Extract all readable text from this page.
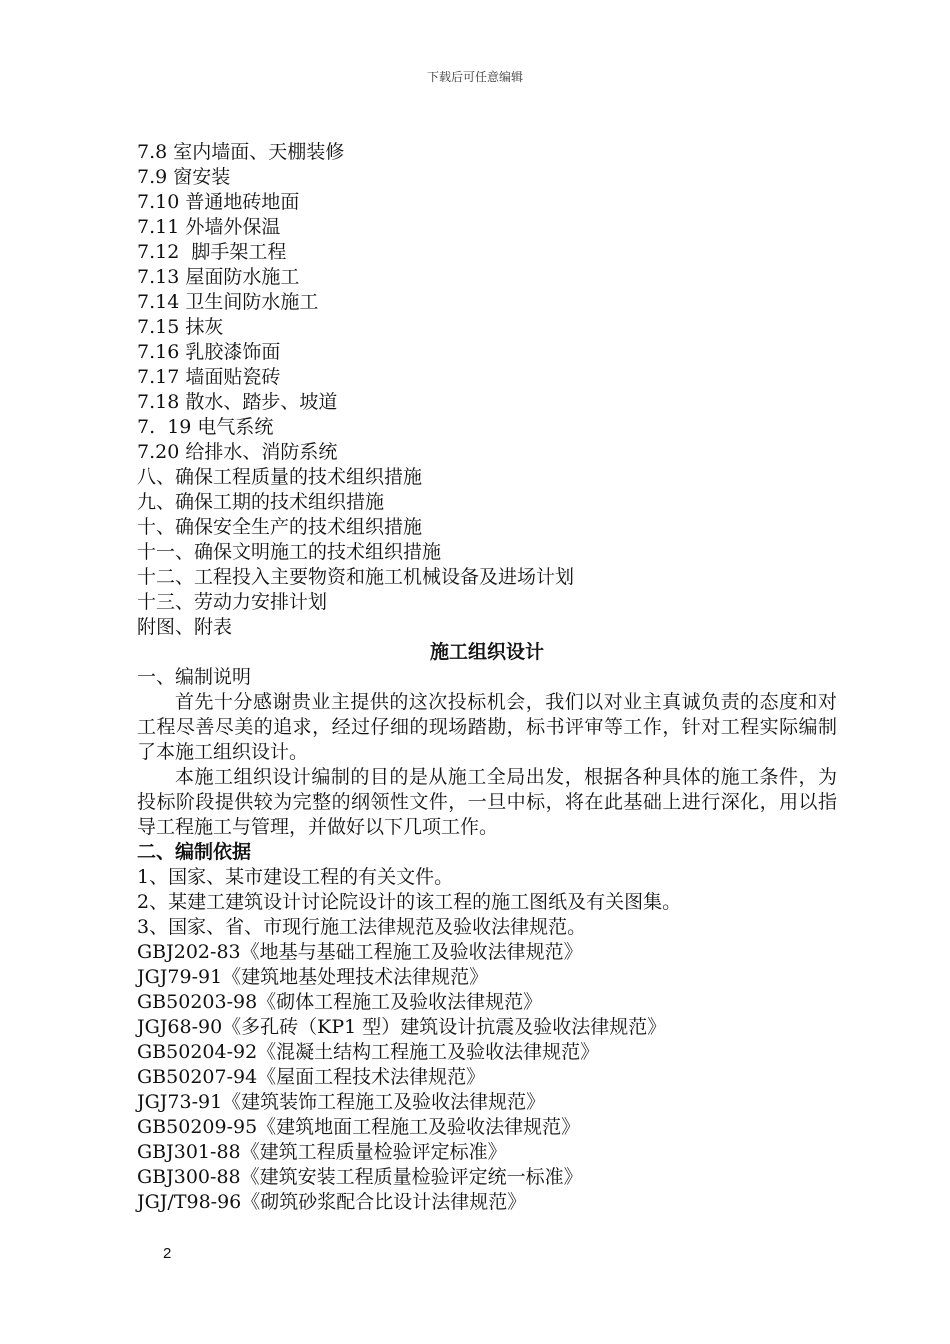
下载后可任意编辑
7.8 室内墙面、天棚装修
7.9 窗安装
7.10 普通地砖地面
7.11 外墙外保温
7.12  脚手架工程
7.13 屋面防水施工
7.14 卫生间防水施工
7.15 抹灰
7.16 乳胶漆饰面
7.17 墙面贴瓷砖
7.18 散水、踏步、坡道
7.  19 电气系统
7.20 给排水、消防系统
八、确保工程质量的技术组织措施
九、确保工期的技术组织措施
十、确保安全生产的技术组织措施
十一、确保文明施工的技术组织措施
十二、工程投入主要物资和施工机械设备及进场计划
十三、劳动力安排计划
附图、附表
施工组织设计
一、编制说明
首先十分感谢贵业主提供的这次投标机会，我们以对业主真诚负责的态度和对工程尽善尽美的追求，经过仔细的现场踏勘，标书评审等工作，针对工程实际编制了本施工组织设计。
本施工组织设计编制的目的是从施工全局出发，根据各种具体的施工条件，为投标阶段提供较为完整的纲领性文件，一旦中标，将在此基础上进行深化，用以指导工程施工与管理，并做好以下几项工作。
二、编制依据
1、国家、某市建设工程的有关文件。
2、某建工建筑设计讨论院设计的该工程的施工图纸及有关图集。
3、国家、省、市现行施工法律规范及验收法律规范。
GBJ202-83《地基与基础工程施工及验收法律规范》
JGJ79-91《建筑地基处理技术法律规范》
GB50203-98《砌体工程施工及验收法律规范》
JGJ68-90《多孔砖（KP1 型）建筑设计抗震及验收法律规范》
GB50204-92《混凝土结构工程施工及验收法律规范》
GB50207-94《屋面工程技术法律规范》
JGJ73-91《建筑装饰工程施工及验收法律规范》
GB50209-95《建筑地面工程施工及验收法律规范》
GBJ301-88《建筑工程质量检验评定标准》
GBJ300-88《建筑安装工程质量检验评定统一标准》
JGJ/T98-96《砌筑砂浆配合比设计法律规范》
2
